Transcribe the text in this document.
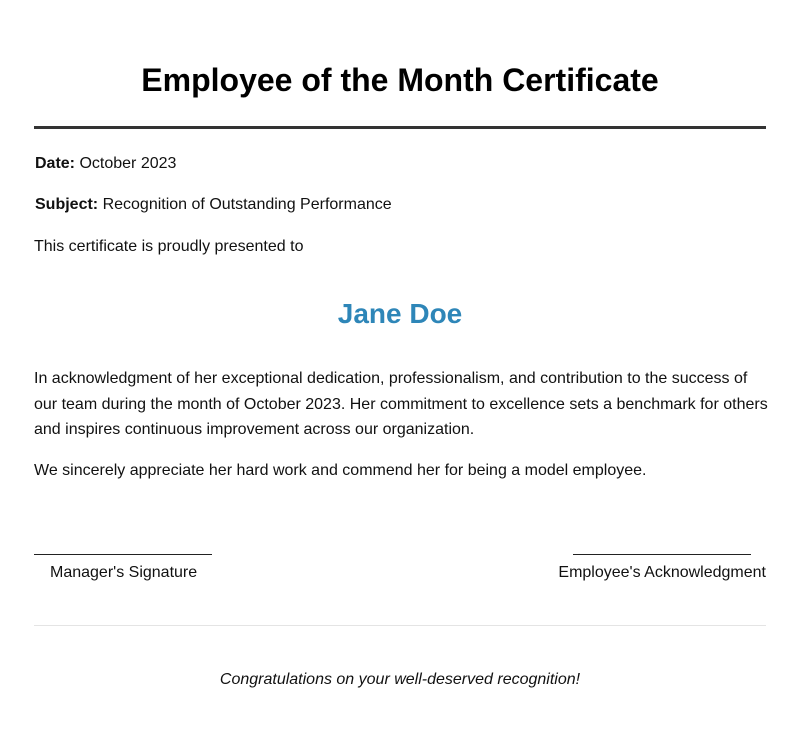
Employee of the Month Certificate
Date: October 2023
Subject: Recognition of Outstanding Performance
This certificate is proudly presented to
Jane Doe
In acknowledgment of her exceptional dedication, professionalism, and contribution to the success of our team during the month of October 2023. Her commitment to excellence sets a benchmark for others and inspires continuous improvement across our organization.
We sincerely appreciate her hard work and commend her for being a model employee.
Manager's Signature	Employee's Acknowledgment
Congratulations on your well-deserved recognition!
